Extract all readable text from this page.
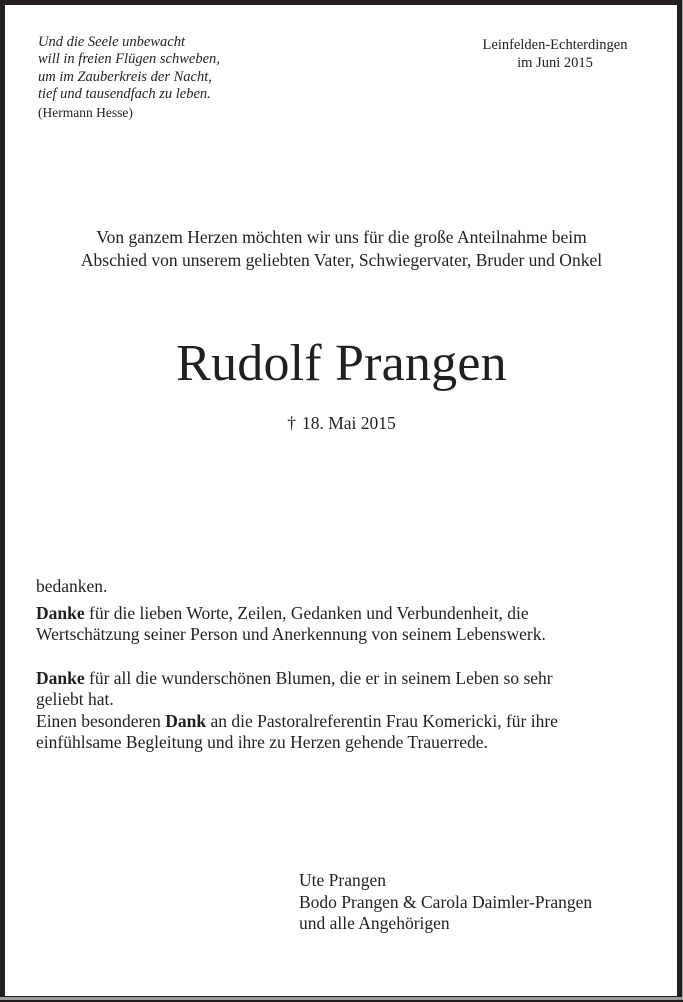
Und die Seele unbewacht
will in freien Flügen schweben,
um im Zauberkreis der Nacht,
tief und tausendfach zu leben.
(Hermann Hesse)
Leinfelden-Echterdingen
im Juni 2015
Von ganzem Herzen möchten wir uns für die große Anteilnahme beim
Abschied von unserem geliebten Vater, Schwiegervater, Bruder und Onkel
Rudolf Prangen
† 18. Mai 2015

bedanken.

Danke für die lieben Worte, Zeilen, Gedanken und Verbundenheit, die
Wertschätzung seiner Person und Anerkennung von seinem Lebenswerk.

Danke für all die wunderschönen Blumen, die er in seinem Leben so sehr
geliebt hat.

Einen besonderen Dank an die Pastoralreferentin Frau Komericki, für ihre
einfühlsame Begleitung und ihre zu Herzen gehende Trauerrede.

Ute Prangen
Bodo Prangen & Carola Daimler-Prangen
und alle Angehörigen
